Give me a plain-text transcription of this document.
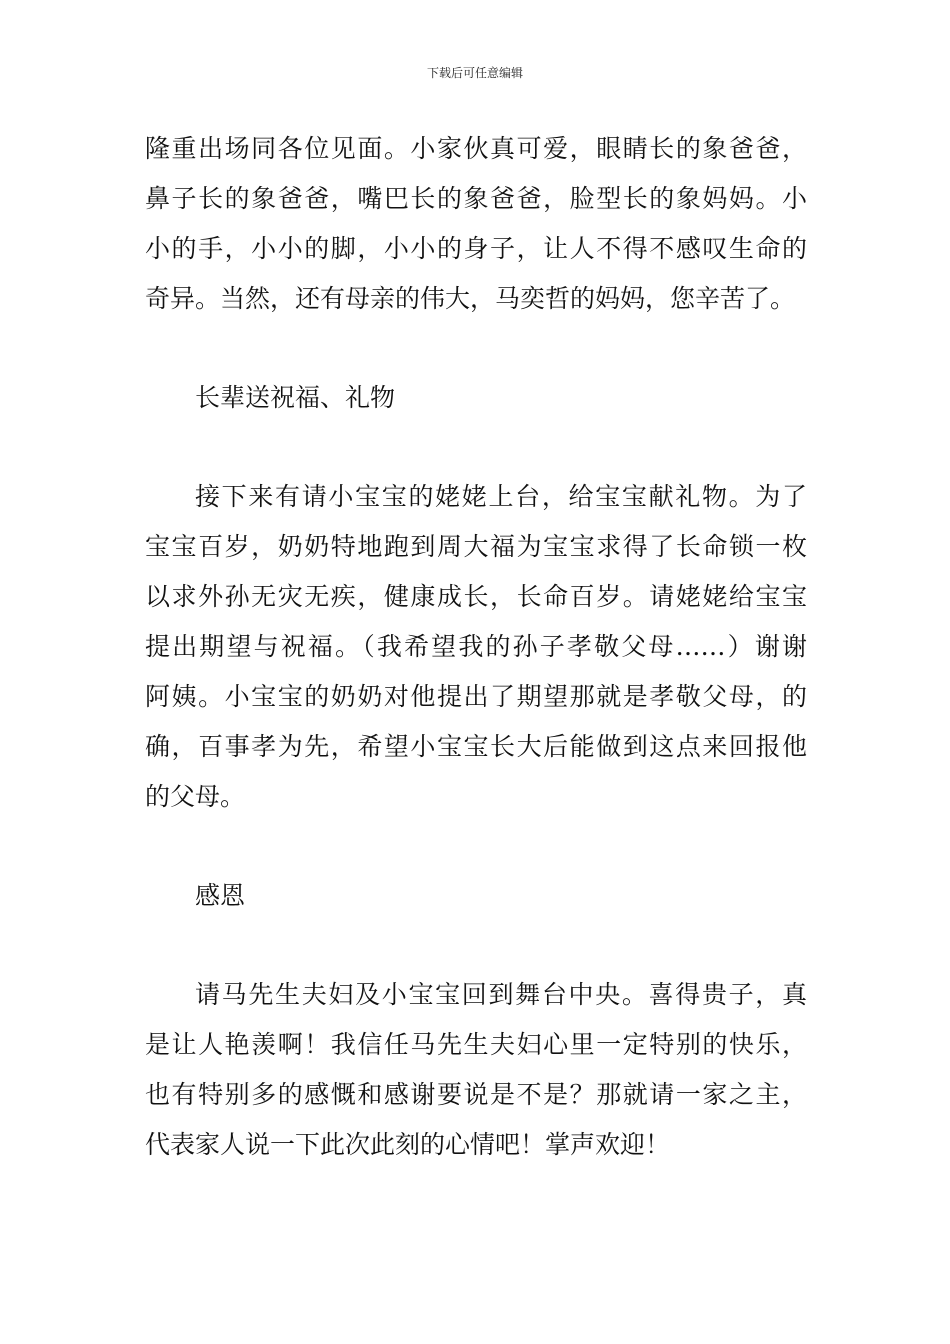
下载后可任意编辑
隆重出场同各位见面。小家伙真可爱，眼睛长的象爸爸，
鼻子长的象爸爸，嘴巴长的象爸爸，脸型长的象妈妈。小
小的手，小小的脚，小小的身子，让人不得不感叹生命的
奇异。当然，还有母亲的伟大，马奕哲的妈妈，您辛苦了。
长辈送祝福、礼物
接下来有请小宝宝的姥姥上台，给宝宝献礼物。为了
宝宝百岁，奶奶特地跑到周大福为宝宝求得了长命锁一枚
以求外孙无灾无疾，健康成长，长命百岁。请姥姥给宝宝
提出期望与祝福。（我希望我的孙子孝敬父母……）谢谢
阿姨。小宝宝的奶奶对他提出了期望那就是孝敬父母，的
确，百事孝为先，希望小宝宝长大后能做到这点来回报他
的父母。
感恩
请马先生夫妇及小宝宝回到舞台中央。喜得贵子，真
是让人艳羡啊！我信任马先生夫妇心里一定特别的快乐，
也有特别多的感慨和感谢要说是不是？那就请一家之主，
代表家人说一下此次此刻的心情吧！掌声欢迎！
